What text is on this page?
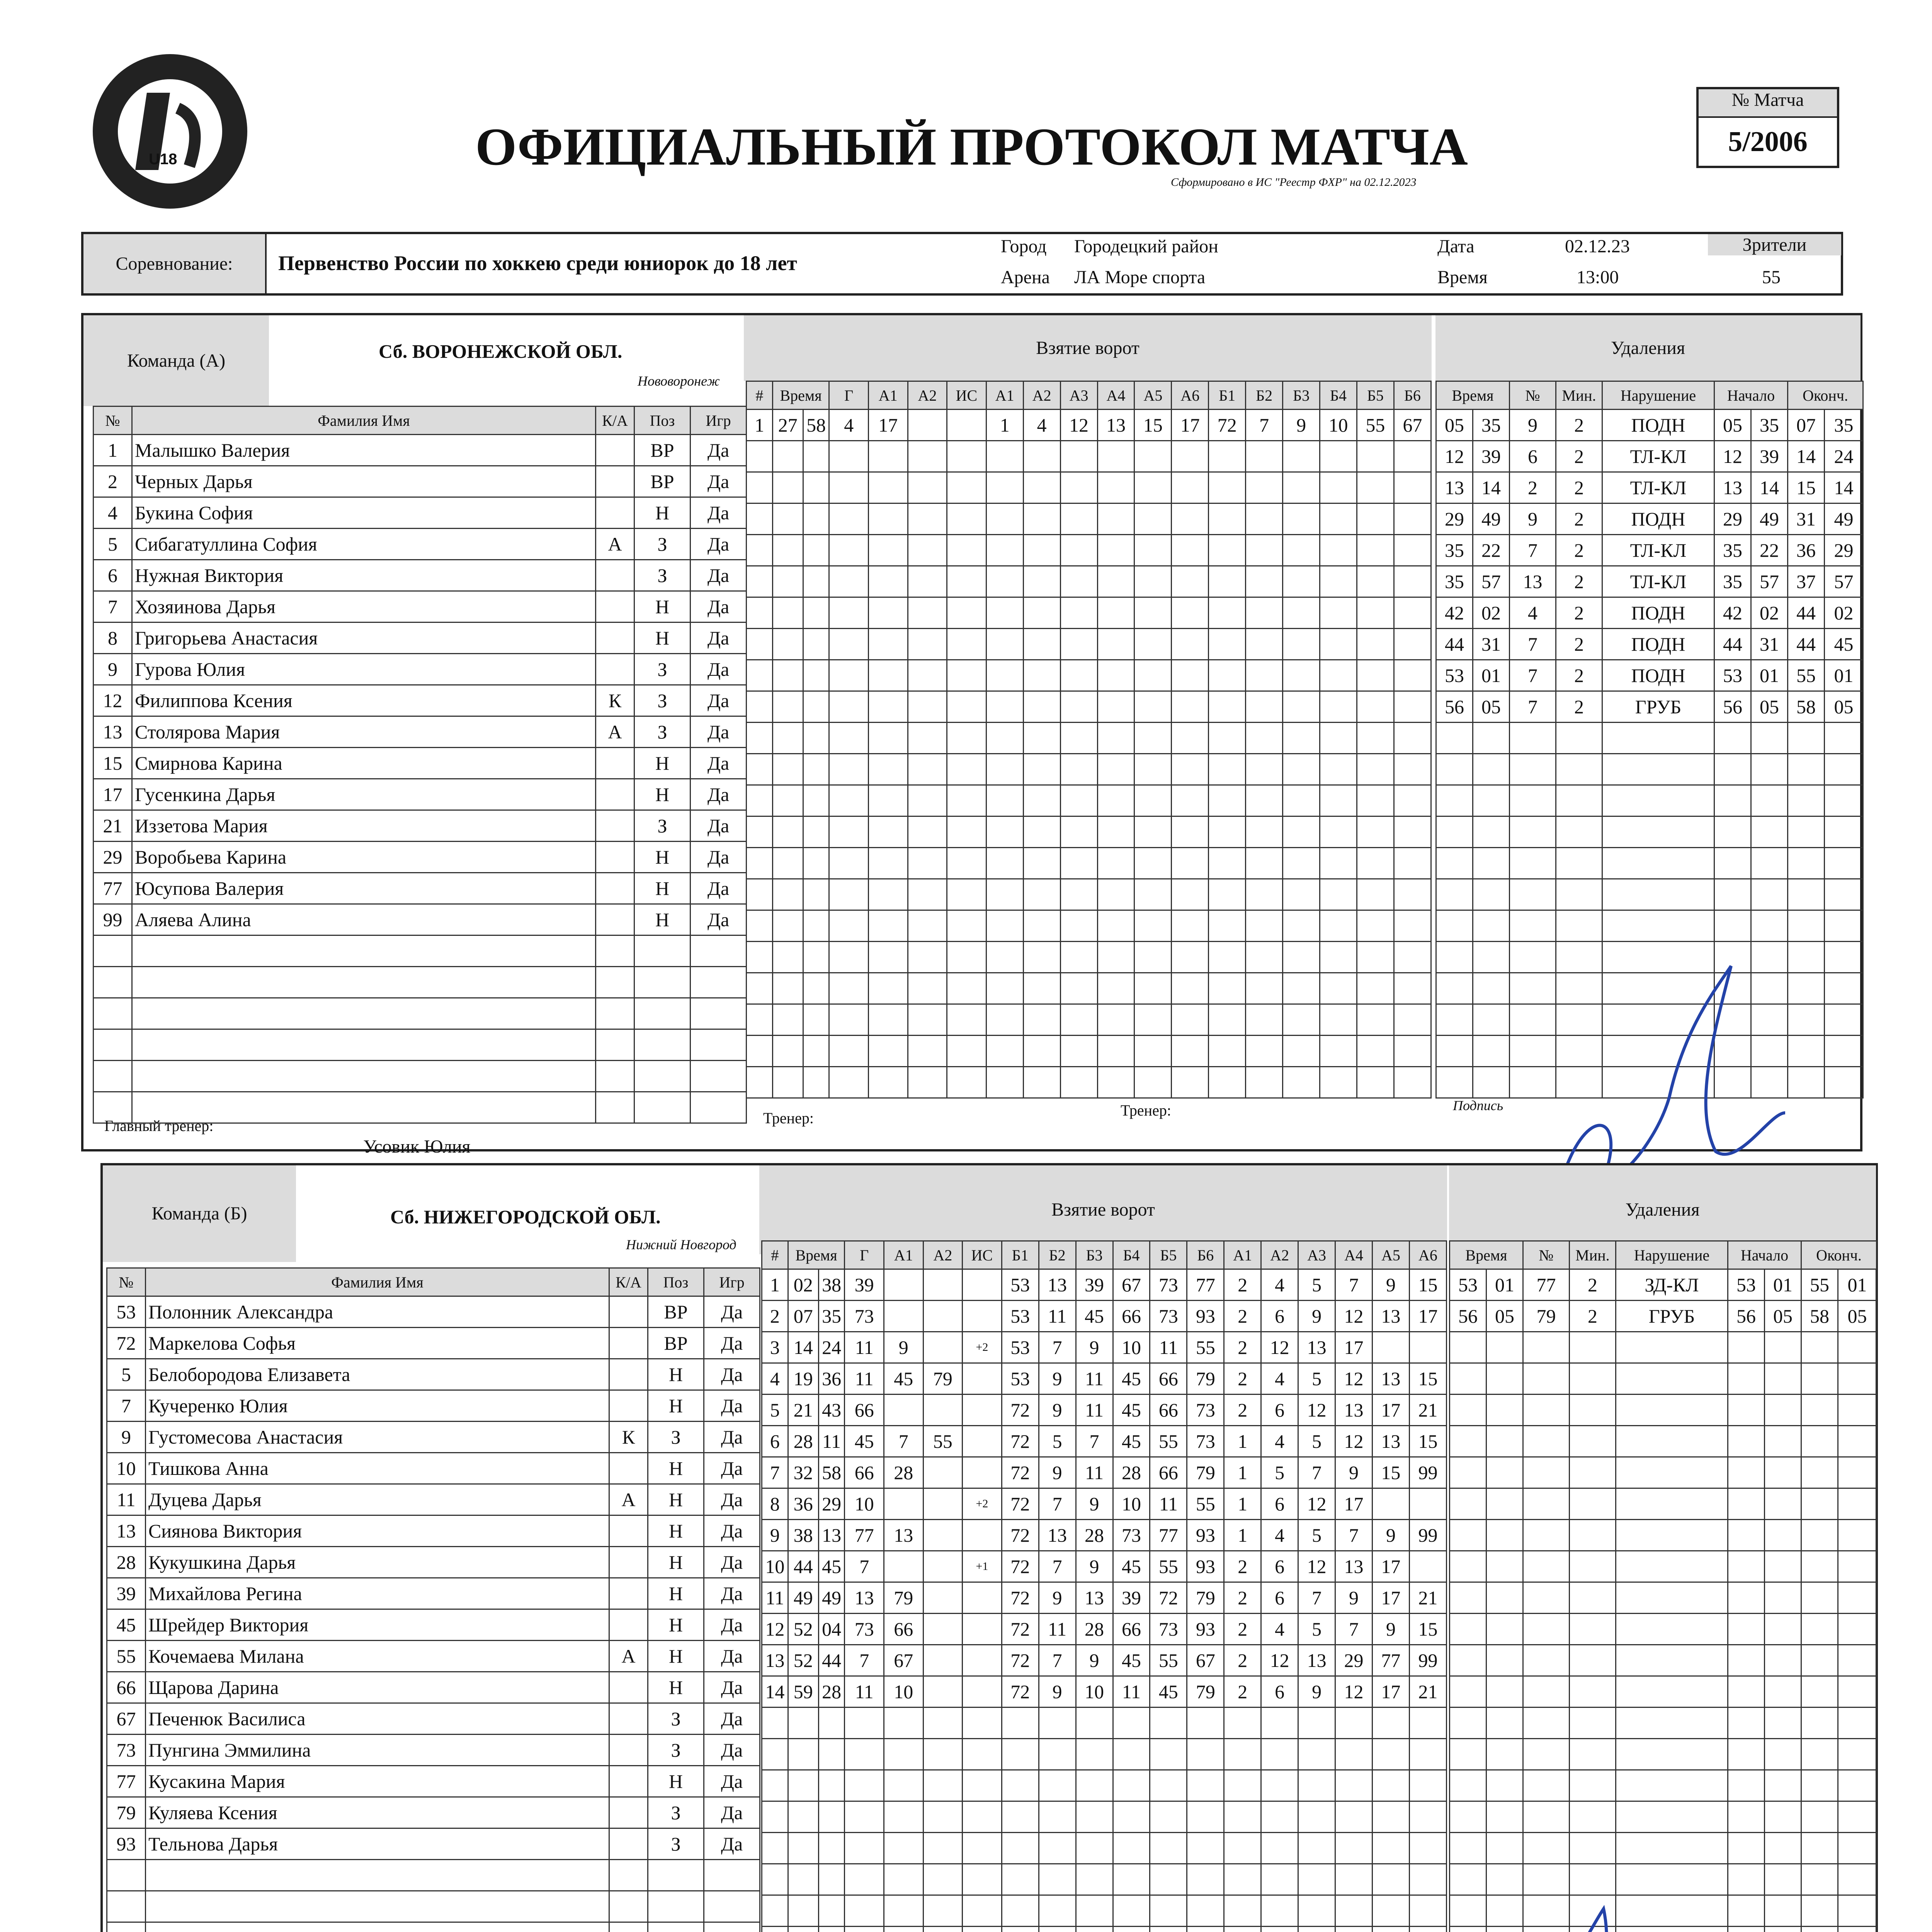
U18	ОФИЦИАЛЬНЫЙ ПРОТОКОЛ МАТЧА
Сформировано в ИС "Реестр ФХР" на 02.12.2023
№ Матча
5/2006
Соревнование:	Первенство России по хоккею среди юниорок до 18 лет
Город Городецкий район
Арена ЛА Море спорта
Дата	02.12.23
Время	13:00
Зрители
55
Команда (А)	Сб. ВОРОНЕЖСКОЙ ОБЛ.
Нововоронеж
Взятие ворот	Удаления
№	Фамилия Имя	К/А	Поз	Игр
1	Малышко Валерия		ВР	Да
2	Черных Дарья		ВР	Да
4	Букина София		Н	Да
5	Сибагатуллина София	А	З	Да
6	Нужная Виктория		З	Да
7	Хозяинова Дарья		Н	Да
8	Григорьева Анастасия		Н	Да
9	Гурова Юлия		З	Да
12	Филиппова Ксения	К	З	Да
13	Столярова Мария	А	З	Да
15	Смирнова Карина		Н	Да
17	Гусенкина Дарья		Н	Да
21	Иззетова Мария		З	Да
29	Воробьева Карина		Н	Да
77	Юсупова Валерия		Н	Да
99	Аляева Алина		Н	Да

#	Время		Г	А1	А2	ИС	А1	А2	А3	А4	А5	А6	Б1	Б2	Б3	Б4	Б5	Б6
1	27	58	4	17			1	4	12	13	15	17	72	7	9	10	55	67

Время		№	Мин.	Нарушение	Начало		Оконч.	
05	35	9	2	ПОДН	05	35	07	35
12	39	6	2	ТЛ-КЛ	12	39	14	24
13	14	2	2	ТЛ-КЛ	13	14	15	14
29	49	9	2	ПОДН	29	49	31	49
35	22	7	2	ТЛ-КЛ	35	22	36	29
35	57	13	2	ТЛ-КЛ	35	57	37	57
42	02	4	2	ПОДН	42	02	44	02
44	31	7	2	ПОДН	44	31	44	45
53	01	7	2	ПОДН	53	01	55	01
56	05	7	2	ГРУБ	56	05	58	05

Главный тренер:
Усовик Юлия
Тренер:	Тренер:	Подпись
Команда (Б)	Сб. НИЖЕГОРОДСКОЙ ОБЛ.
Нижний Новгород
Взятие ворот	Удаления
№	Фамилия Имя	К/А	Поз	Игр
53	Полонник Александра		ВР	Да
72	Маркелова Софья		ВР	Да
5	Белобородова Елизавета		Н	Да
7	Кучеренко Юлия		Н	Да
9	Густомесова Анастасия	К	З	Да
10	Тишкова Анна		Н	Да
11	Дуцева Дарья	А	Н	Да
13	Сиянова Виктория		Н	Да
28	Кукушкина Дарья		Н	Да
39	Михайлова Регина		Н	Да
45	Шрейдер Виктория		Н	Да
55	Кочемаева Милана	А	Н	Да
66	Щарова Дарина		Н	Да
67	Печенюк Василиса		З	Да
73	Пунгина Эммилина		З	Да
77	Кусакина Мария		Н	Да
79	Куляева Ксения		З	Да
93	Тельнова Дарья		З	Да

#	Время		Г	А1	А2	ИС	Б1	Б2	Б3	Б4	Б5	Б6	А1	А2	А3	А4	А5	А6
1	02	38	39				53	13	39	67	73	77	2	4	5	7	9	15
2	07	35	73				53	11	45	66	73	93	2	6	9	12	13	17
3	14	24	11	9		+2	53	7	9	10	11	55	2	12	13	17		
4	19	36	11	45	79		53	9	11	45	66	79	2	4	5	12	13	15
5	21	43	66				72	9	11	45	66	73	2	6	12	13	17	21
6	28	11	45	7	55		72	5	7	45	55	73	1	4	5	12	13	15
7	32	58	66	28			72	9	11	28	66	79	1	5	7	9	15	99
8	36	29	10			+2	72	7	9	10	11	55	1	6	12	17		
9	38	13	77	13			72	13	28	73	77	93	1	4	5	7	9	99
10	44	45	7			+1	72	7	9	45	55	93	2	6	12	13	17	
11	49	49	13	79			72	9	13	39	72	79	2	6	7	9	17	21
12	52	04	73	66			72	11	28	66	73	93	2	4	5	7	9	15
13	52	44	7	67			72	7	9	45	55	67	2	12	13	29	77	99
14	59	28	11	10			72	9	10	11	45	79	2	6	9	12	17	21

Время		№	Мин.	Нарушение	Начало		Оконч.	
53	01	77	2	ЗД-КЛ	53	01	55	01
56	05	79	2	ГРУБ	56	05	58	05
